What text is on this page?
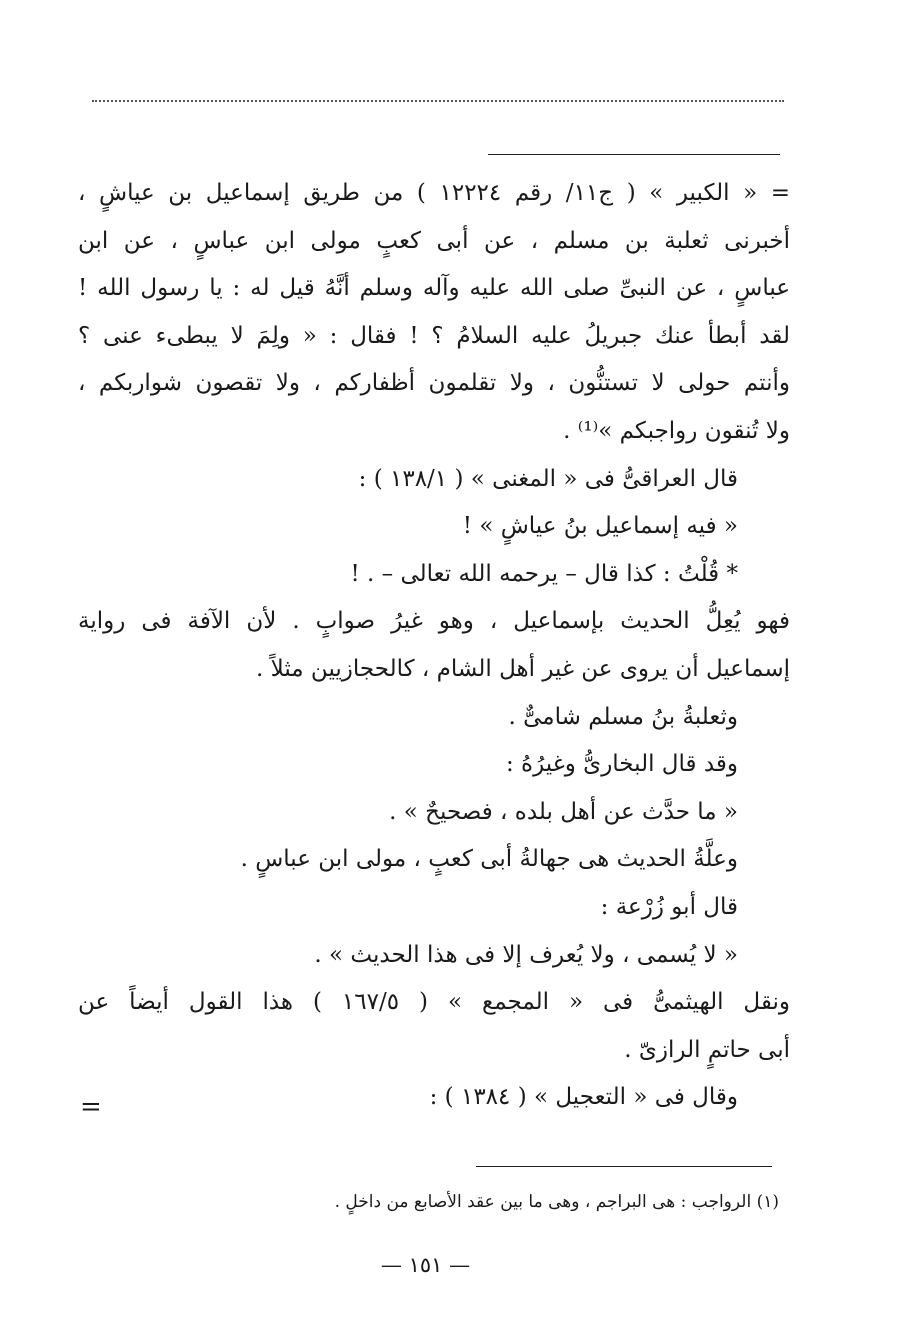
= « الكبير » ( ج١١/ رقم ١٢٢٢٤ ) من طريق إسماعيل بن عياشٍ ،
أخبرنى ثعلبة بن مسلم ، عن أبى كعبٍ مولى ابن عباسٍ ، عن ابن
عباسٍ ، عن النبىِّ صلى الله عليه وآله وسلم أنَّهُ قيل له : يا رسول الله !
لقد أبطأ عنك جبريلُ عليه السلامُ ؟ ! فقال : « ولِمَ لا يبطىء عنى ؟
وأنتم حولى لا تستنُّون ، ولا تقلمون أظفاركم ، ولا تقصون شواربكم ،
ولا تُنقون رواجبكم »⁽¹⁾ .
قال العراقىُّ فى « المغنى » ( ١٣٨/١ ) :
« فيه إسماعيل بنُ عياشٍ » !
* قُلْتُ : كذا قال – يرحمه الله تعالى – . !
فهو يُعِلُّ الحديث بإسماعيل ، وهو غيرُ صوابٍ . لأن الآفة فى رواية
إسماعيل أن يروى عن غير أهل الشام ، كالحجازيين مثلاً .
وثعلبةُ بنُ مسلم شامىٌّ .
وقد قال البخارىُّ وغيرُهُ :
« ما حدَّث عن أهل بلده ، فصحيحٌ » .
وعلَّةُ الحديث هى جهالةُ أبى كعبٍ ، مولى ابن عباسٍ .
قال أبو زُرْعة :
« لا يُسمى ، ولا يُعرف إلا فى هذا الحديث » .
ونقل الهيثمىُّ فى « المجمع » ( ١٦٧/٥ ) هذا القول أيضاً عن
أبى حاتمٍ الرازىّ .
وقال فى « التعجيل » ( ١٣٨٤ ) :
=
(١) الرواجب : هى البراجم ، وهى ما بين عقد الأصابع من داخلٍ .
— ١٥١ —
